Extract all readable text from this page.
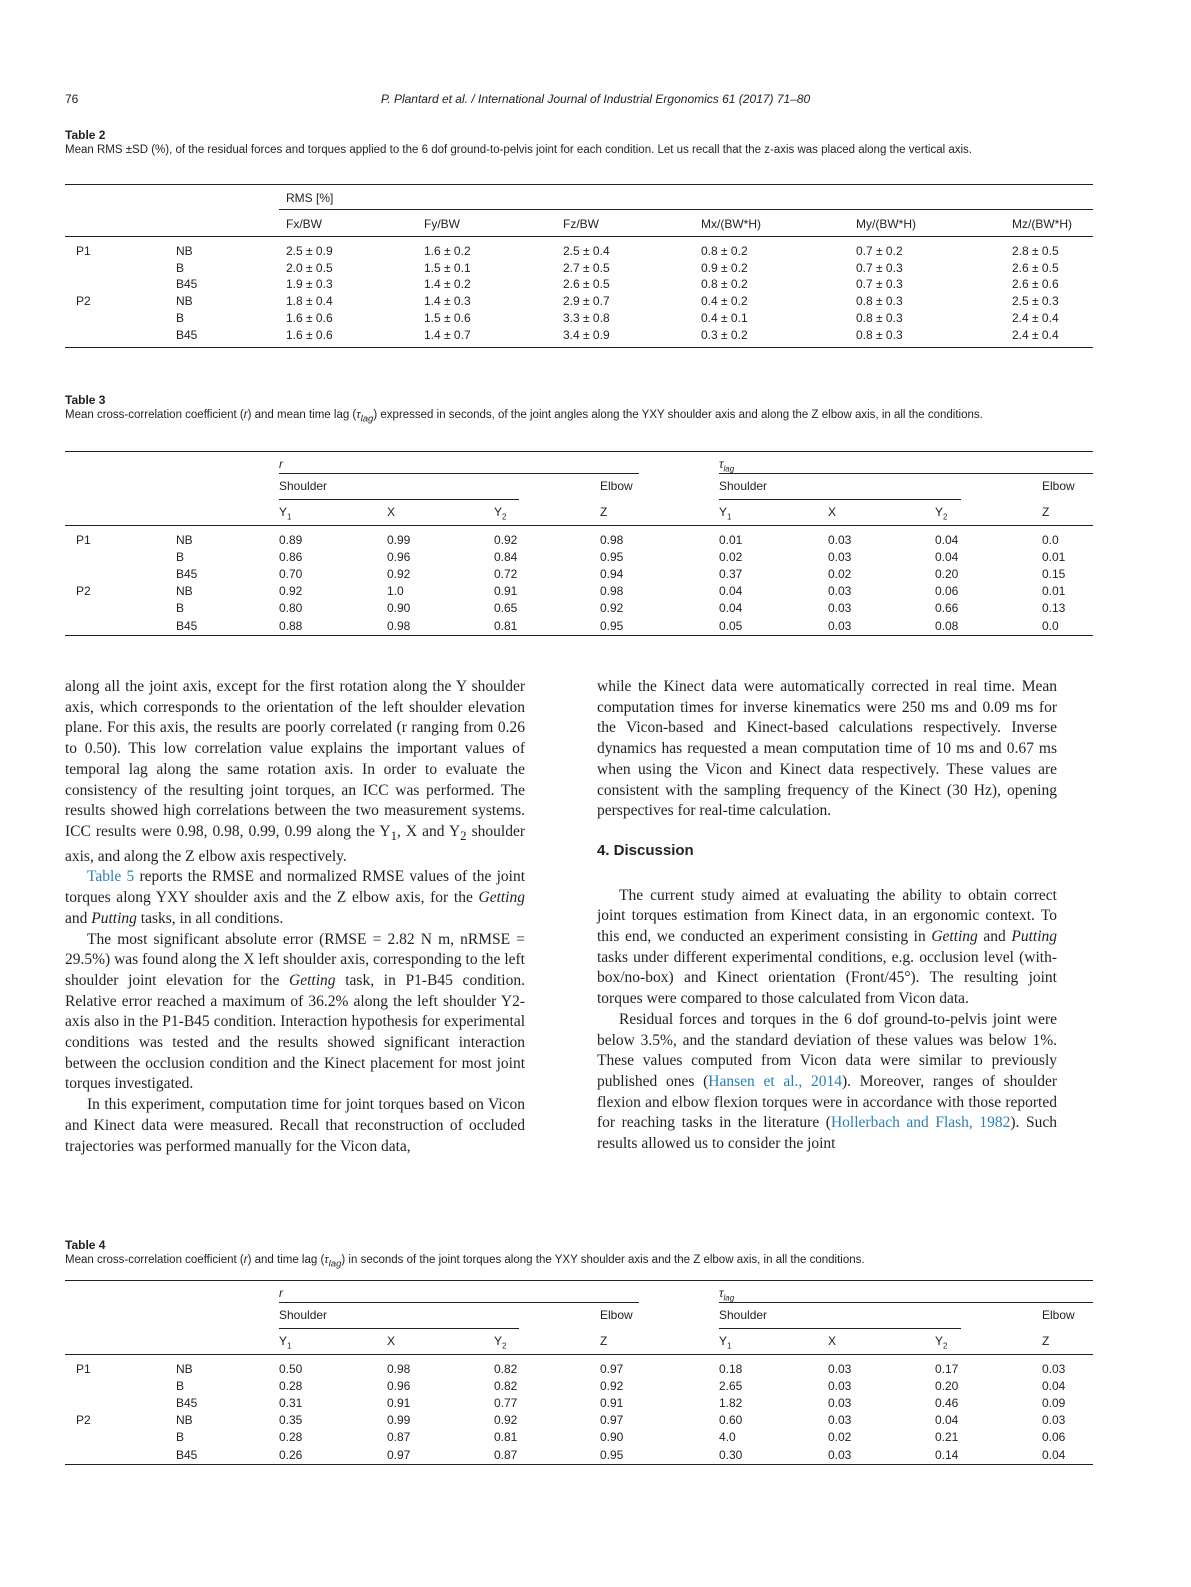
76	P. Plantard et al. / International Journal of Industrial Ergonomics 61 (2017) 71–80
Table 2
Mean RMS ±SD (%), of the residual forces and torques applied to the 6 dof ground-to-pelvis joint for each condition. Let us recall that the z-axis was placed along the vertical axis.
RMS [%]
Fx/BW	Fy/BW	Fz/BW	Mx/(BW*H)	My/(BW*H)	Mz/(BW*H)
P1	NB	2.5 ± 0.9	1.6 ± 0.2	2.5 ± 0.4	0.8 ± 0.2	0.7 ± 0.2	2.8 ± 0.5
B	2.0 ± 0.5	1.5 ± 0.1	2.7 ± 0.5	0.9 ± 0.2	0.7 ± 0.3	2.6 ± 0.5
B45	1.9 ± 0.3	1.4 ± 0.2	2.6 ± 0.5	0.8 ± 0.2	0.7 ± 0.3	2.6 ± 0.6
P2	NB	1.8 ± 0.4	1.4 ± 0.3	2.9 ± 0.7	0.4 ± 0.2	0.8 ± 0.3	2.5 ± 0.3
B	1.6 ± 0.6	1.5 ± 0.6	3.3 ± 0.8	0.4 ± 0.1	0.8 ± 0.3	2.4 ± 0.4
B45	1.6 ± 0.6	1.4 ± 0.7	3.4 ± 0.9	0.3 ± 0.2	0.8 ± 0.3	2.4 ± 0.4
Table 3
Mean cross-correlation coefficient (r) and mean time lag $(\tau_{lag})$ expressed in seconds, of the joint angles along the YXY shoulder axis and along the Z elbow axis, in all the conditions.
r	$\tau_{lag}$
Shoulder	Elbow	Shoulder	Elbow
$Y_1$	X	$Y_2$	Z	$Y_1$	X	$Y_2$	Z
P1	NB	0.89	0.99	0.92	0.98	0.01	0.03	0.04	0.0
B	0.86	0.96	0.84	0.95	0.02	0.03	0.04	0.01
B45	0.70	0.92	0.72	0.94	0.37	0.02	0.20	0.15
P2	NB	0.92	1.0	0.91	0.98	0.04	0.03	0.06	0.01
B	0.80	0.90	0.65	0.92	0.04	0.03	0.66	0.13
B45	0.88	0.98	0.81	0.95	0.05	0.03	0.08	0.0

along all the joint axis, except for the first rotation along the Y shoulder axis, which corresponds to the orientation of the left shoulder elevation plane. For this axis, the results are poorly correlated (r ranging from 0.26 to 0.50). This low correlation value explains the important values of temporal lag along the same rotation axis. In order to evaluate the consistency of the resulting joint torques, an ICC was performed. The results showed high correlations between the two measurement systems. ICC results were 0.98, 0.98, 0.99, 0.99 along the $Y_1$, X and $Y_2$ shoulder axis, and along the Z elbow axis respectively.

Table 5 reports the RMSE and normalized RMSE values of the joint torques along YXY shoulder axis and the Z elbow axis, for the Getting and Putting tasks, in all conditions.

The most significant absolute error (RMSE = 2.82 N m, nRMSE = 29.5%) was found along the X left shoulder axis, corresponding to the left shoulder joint elevation for the Getting task, in P1-B45 condition. Relative error reached a maximum of 36.2% along the left shoulder Y2-axis also in the P1-B45 condition. Interaction hypothesis for experimental conditions was tested and the results showed significant interaction between the occlusion condition and the Kinect placement for most joint torques investigated.

In this experiment, computation time for joint torques based on Vicon and Kinect data were measured. Recall that reconstruction of occluded trajectories was performed manually for the Vicon data,

while the Kinect data were automatically corrected in real time. Mean computation times for inverse kinematics were 250 ms and 0.09 ms for the Vicon-based and Kinect-based calculations respectively. Inverse dynamics has requested a mean computation time of 10 ms and 0.67 ms when using the Vicon and Kinect data respectively. These values are consistent with the sampling frequency of the Kinect (30 Hz), opening perspectives for real-time calculation.

4. Discussion

The current study aimed at evaluating the ability to obtain correct joint torques estimation from Kinect data, in an ergonomic context. To this end, we conducted an experiment consisting in Getting and Putting tasks under different experimental conditions, e.g. occlusion level (with-box/no-box) and Kinect orientation (Front/45°). The resulting joint torques were compared to those calculated from Vicon data.

Residual forces and torques in the 6 dof ground-to-pelvis joint were below 3.5%, and the standard deviation of these values was below 1%. These values computed from Vicon data were similar to previously published ones (Hansen et al., 2014). Moreover, ranges of shoulder flexion and elbow flexion torques were in accordance with those reported for reaching tasks in the literature (Hollerbach and Flash, 1982). Such results allowed us to consider the joint

Table 4
Mean cross-correlation coefficient (r) and time lag $(\tau_{lag})$ in seconds of the joint torques along the YXY shoulder axis and the Z elbow axis, in all the conditions.
r	$\tau_{lag}$
Shoulder	Elbow	Shoulder	Elbow
$Y_1$	X	$Y_2$	Z	$Y_1$	X	$Y_2$	Z
P1	NB	0.50	0.98	0.82	0.97	0.18	0.03	0.17	0.03
B	0.28	0.96	0.82	0.92	2.65	0.03	0.20	0.04
B45	0.31	0.91	0.77	0.91	1.82	0.03	0.46	0.09
P2	NB	0.35	0.99	0.92	0.97	0.60	0.03	0.04	0.03
B	0.28	0.87	0.81	0.90	4.0	0.02	0.21	0.06
B45	0.26	0.97	0.87	0.95	0.30	0.03	0.14	0.04
